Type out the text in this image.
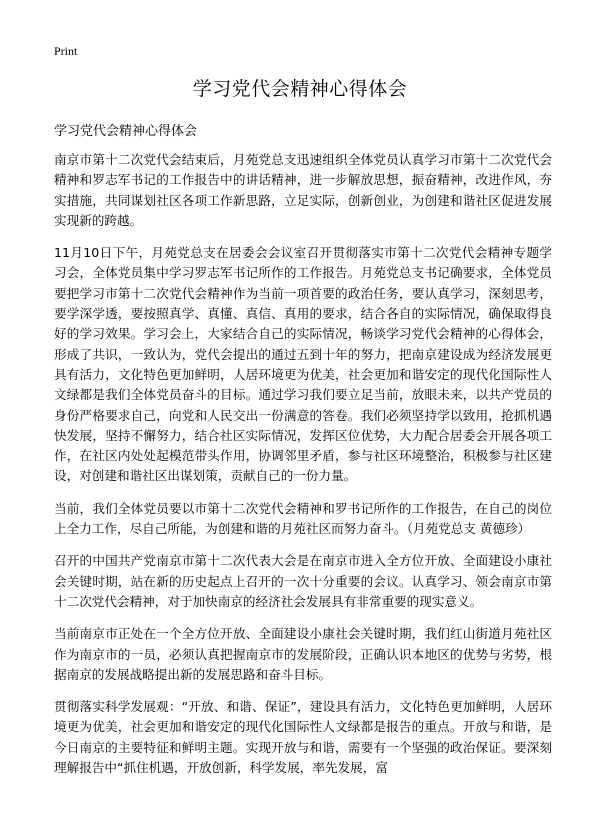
Print
学习党代会精神心得体会

学习党代会精神心得体会

南京市第十二次党代会结束后，月苑党总支迅速组织全体党员认真学习市第十二次党代会精神和罗志军书记的工作报告中的讲话精神，进一步解放思想，振奋精神，改进作风，夯实措施，共同谋划社区各项工作新思路，立足实际，创新创业，为创建和谐社区促进发展实现新的跨越。

11月10日下午，月苑党总支在居委会会议室召开贯彻落实市第十二次党代会精神专题学习会，全体党员集中学习罗志军书记所作的工作报告。月苑党总支书记确要求，全体党员要把学习市第十二次党代会精神作为当前一项首要的政治任务，要认真学习，深刻思考，要学深学透，要按照真学、真懂、真信、真用的要求，结合各自的实际情况，确保取得良好的学习效果。学习会上，大家结合自己的实际情况，畅谈学习党代会精神的心得体会，形成了共识，一致认为，党代会提出的通过五到十年的努力，把南京建设成为经济发展更具有活力，文化特色更加鲜明，人居环境更为优美，社会更加和谐安定的现代化国际性人文绿都是我们全体党员奋斗的目标。通过学习我们要立足当前，放眼未来，以共产党员的身份严格要求自己，向党和人民交出一份满意的答卷。我们必须坚持学以致用，抢抓机遇快发展，坚持不懈努力，结合社区实际情况，发挥区位优势，大力配合居委会开展各项工作，在社区内处处起模范带头作用，协调邻里矛盾，参与社区环境整治，积极参与社区建设，对创建和谐社区出谋划策，贡献自己的一份力量。

当前，我们全体党员要以市第十二次党代会精神和罗书记所作的工作报告，在自己的岗位上全力工作，尽自己所能，为创建和谐的月苑社区而努力奋斗。（月苑党总支 黄德珍）

召开的中国共产党南京市第十二次代表大会是在南京市进入全方位开放、全面建设小康社会关键时期，站在新的历史起点上召开的一次十分重要的会议。认真学习、领会南京市第十二次党代会精神，对于加快南京的经济社会发展具有非常重要的现实意义。

当前南京市正处在一个全方位开放、全面建设小康社会关键时期，我们红山街道月苑社区作为南京市的一员，必须认真把握南京市的发展阶段，正确认识本地区的优势与劣势，根据南京的发展战略提出新的发展思路和奋斗目标。

贯彻落实科学发展观：“开放、和谐、保证”，建设具有活力，文化特色更加鲜明，人居环境更为优美，社会更加和谐安定的现代化国际性人文绿都是报告的重点。开放与和谐，是今日南京的主要特征和鲜明主题。实现开放与和谐，需要有一个坚强的政治保证。要深刻理解报告中“抓住机遇，开放创新，科学发展，率先发展，富
